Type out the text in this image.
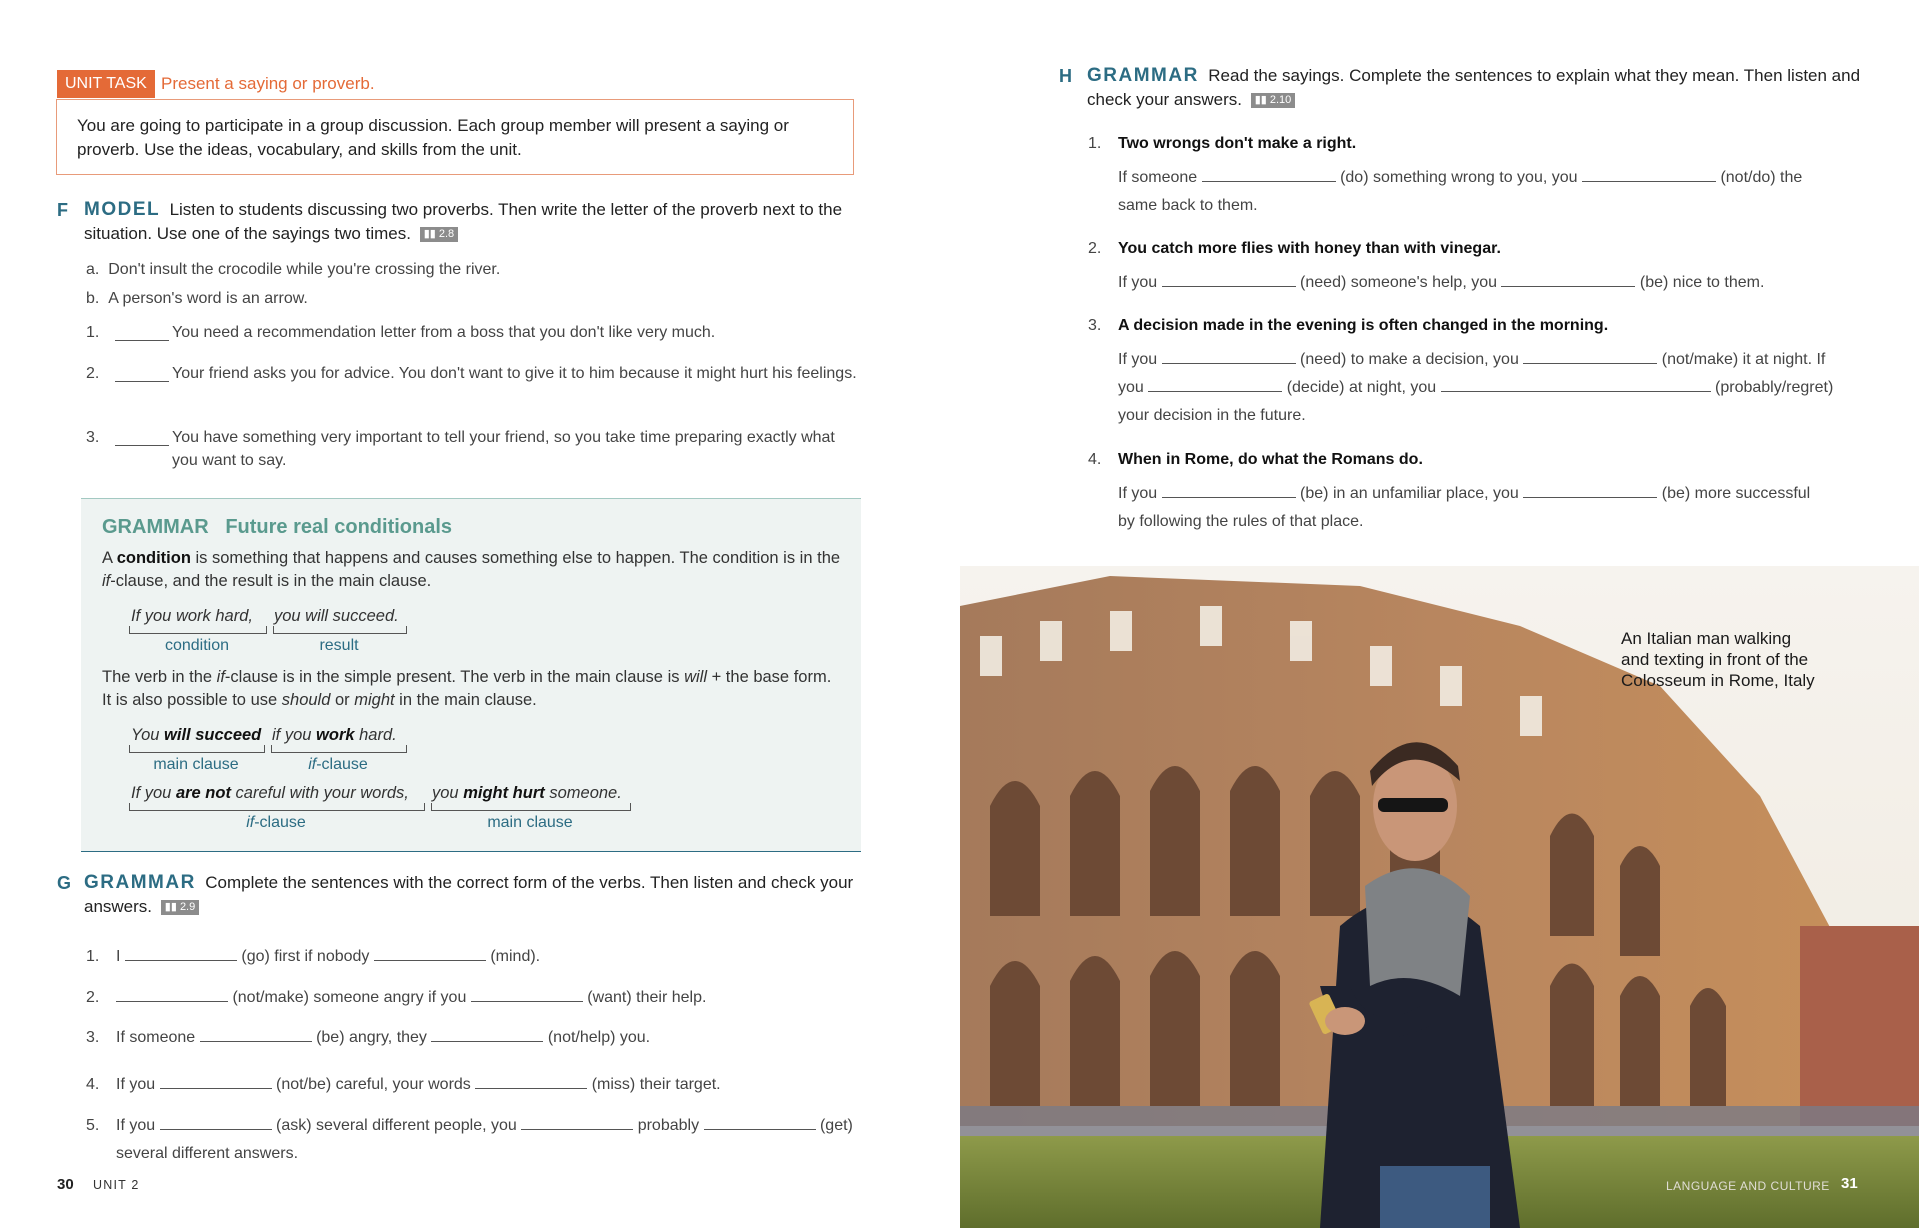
UNIT TASK Present a saying or proverb.
You are going to participate in a group discussion. Each group member will present a saying or proverb. Use the ideas, vocabulary, and skills from the unit.
F MODEL Listen to students discussing two proverbs. Then write the letter of the proverb next to the situation. Use one of the sayings two times. ▮▮ 2.8
a. Don't insult the crocodile while you're crossing the river.
b. A person's word is an arrow.
1.	You need a recommendation letter from a boss that you don't like very much.
2.	Your friend asks you for advice. You don't want to give it to him because it might hurt his feelings.
3.	You have something very important to tell your friend, so you take time preparing exactly what you want to say.
GRAMMAR Future real conditionals
A condition is something that happens and causes something else to happen. The condition is in the if-clause, and the result is in the main clause.
If you work hard, you will succeed.
condition	result
The verb in the if-clause is in the simple present. The verb in the main clause is will + the base form. It is also possible to use should or might in the main clause.
You will succeed if you work hard.
main clause	if-clause
If you are not careful with your words, you might hurt someone.
if-clause	main clause
G GRAMMAR Complete the sentences with the correct form of the verbs. Then listen and check your answers. ▮▮ 2.9
1. I	(go) first if nobody	(mind).
2.	(not/make) someone angry if you	(want) their help.
3. If someone	(be) angry, they	(not/help) you.
4. If you	(not/be) careful, your words	(miss) their target.
5. If you	(ask) several different people, you	probably	(get)
several different answers.
30 UNIT 2
H GRAMMAR Read the sayings. Complete the sentences to explain what they mean. Then listen and check your answers. ▮▮ 2.10
1. Two wrongs don't make a right.
If someone	(do) something wrong to you, you	(not/do) the
same back to them.
2. You catch more flies with honey than with vinegar.
If you	(need) someone's help, you	(be) nice to them.
3. A decision made in the evening is often changed in the morning.
If you	(need) to make a decision, you	(not/make) it at night. If
you	(decide) at night, you	(probably/regret)
your decision in the future.
4. When in Rome, do what the Romans do.
If you	(be) in an unfamiliar place, you	(be) more successful
by following the rules of that place.
An Italian man walking
and texting in front of the
Colosseum in Rome, Italy
LANGUAGE AND CULTURE 31
